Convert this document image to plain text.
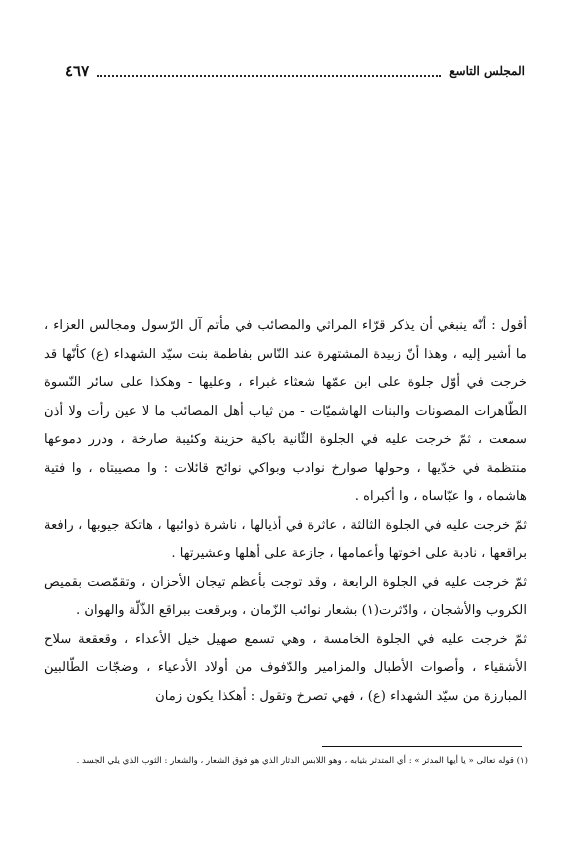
المجلس التاسع
٤٦٧

أقول : أنّه ينبغي أن يذكر قرّاء المراثي والمصائب في مأتم آل الرّسول ومجالس العزاء ، ما أشير إليه ، وهذا أنّ زبيدة المشتهرة عند النّاس بفاطمة بنت سيّد الشهداء (ع) كأنّها قد خرجت في أوّل جلوة على ابن عمّها شعثاء غبراء ، وعليها - وهكذا على سائر النّسوة الطّاهرات المصونات والبنات الهاشميّات - من ثياب أهل المصائب ما لا عين رأت ولا أذن سمعت ، ثمّ خرجت عليه في الجلوة الثّانية باكية حزينة وكئيبة صارخة ، ودرر دموعها منتظمة في خدّيها ، وحولها صوارخ نوادب وبواكي نوائح قائلات : وا مصيبتاه ، وا فتية هاشماه ، وا عبّاساه ، وا أكبراه .

ثمّ خرجت عليه في الجلوة الثالثة ، عاثرة في أذيالها ، ناشرة ذوائبها ، هاتكة جيوبها ، رافعة براقعها ، نادبة على اخوتها وأعمامها ، جازعة على أهلها وعشيرتها .

ثمّ خرجت عليه في الجلوة الرابعة ، وقد توجت بأعظم تيجان الأحزان ، وتقمّصت بقميص الكروب والأشجان ، وادّثرت(١) بشعار نوائب الزّمان ، وبرقعت ببراقع الذّلّة والهوان .

ثمّ خرجت عليه في الجلوة الخامسة ، وهي تسمع صهيل خيل الأعداء ، وقعقعة سلاح الأشقياء ، وأصوات الأطبال والمزامير والدّفوف من أولاد الأدعياء ، وضجّات الطّالبين المبارزة من سيّد الشهداء (ع) ، فهي تصرخ وتقول : أهكذا يكون زمان

(١) قوله تعالى « يا أيها المدثر » : أي المتدثر بثيابه ، وهو اللابس الدثار الذي هو فوق الشعار ، والشعار : الثوب الذي يلي الجسد .
